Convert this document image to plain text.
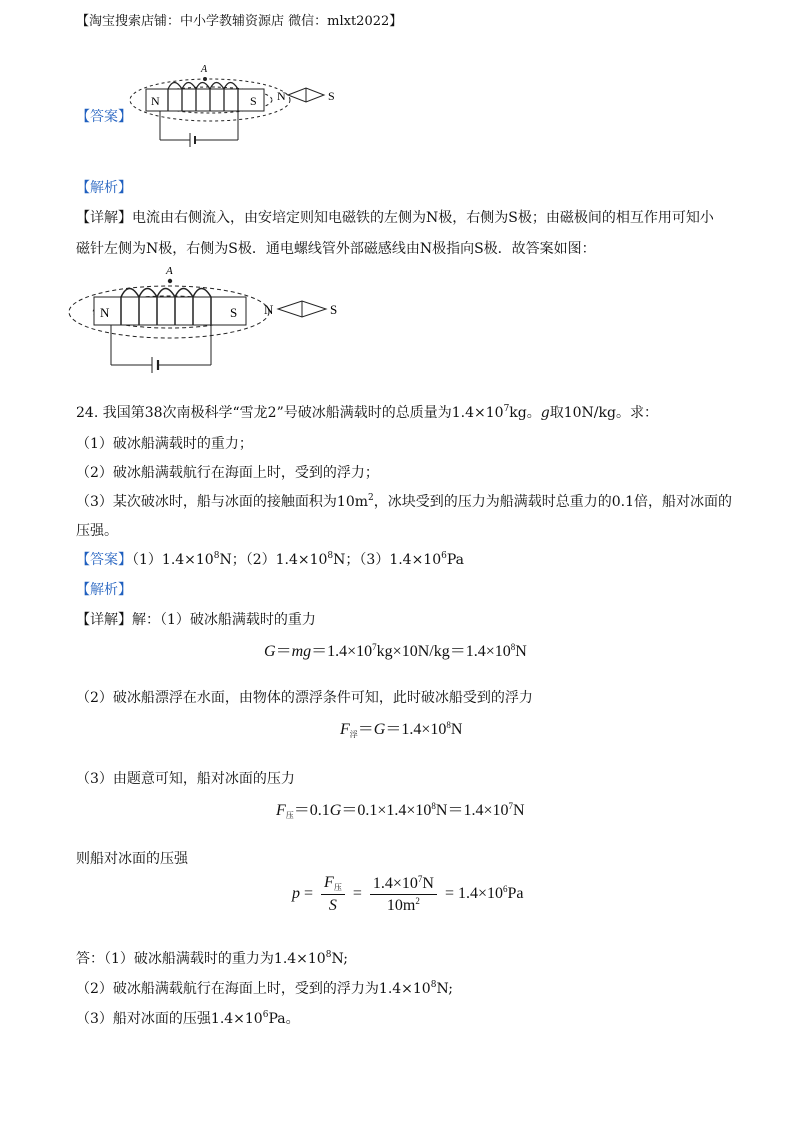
【淘宝搜索店铺：中小学教辅资源店 微信：mlxt2022】
【答案】
N	S
A
N	S
【解析】
【详解】电流由右侧流入，由安培定则知电磁铁的左侧为N极，右侧为S极；由磁极间的相互作用可知小
磁针左侧为N极，右侧为S极．通电螺线管外部磁感线由N极指向S极．故答案如图：
N	S
A
N	S
24. 我国第38次南极科学“雪龙2”号破冰船满载时的总质量为$1.4\times 10^7kg$。g取10N/kg。求：
（1）破冰船满载时的重力；
（2）破冰船满载航行在海面上时，受到的浮力；
（3）某次破冰时，船与冰面的接触面积为$10m^2$，冰块受到的压力为船满载时总重力的0.1倍，船对冰面的
压强。
【答案】$(1)1.4\times 10^8N$；$(2)1.4\times 10^8N$；$(3)1.4\times 10^6Pa$
【解析】
【详解】解：（1）破冰船满载时的重力
$G=mg=1.4\times 10^7kg\times 10N/kg=1.4\times 10^8N$
（2）破冰船漂浮在水面，由物体的漂浮条件可知，此时破冰船受到的浮力
F浮$=G=1.4\times 10^8N$
（3）由题意可知，船对冰面的压力
F压$=0.1G=0.1\times 1.4\times 10^8N=1.4\times 10^7N$
则船对冰面的压强
$p = \frac{\text{F压}}{S} = \frac{1.4\times 10^7N}{10m^2} = 1.4\times 10^6Pa$
答：（1）破冰船满载时的重力为$1.4\times 10^8N$;
（2）破冰船满载航行在海面上时，受到的浮力为$1.4\times 10^8N$;
（3）船对冰面的压强$1.4\times 10^6Pa$。
